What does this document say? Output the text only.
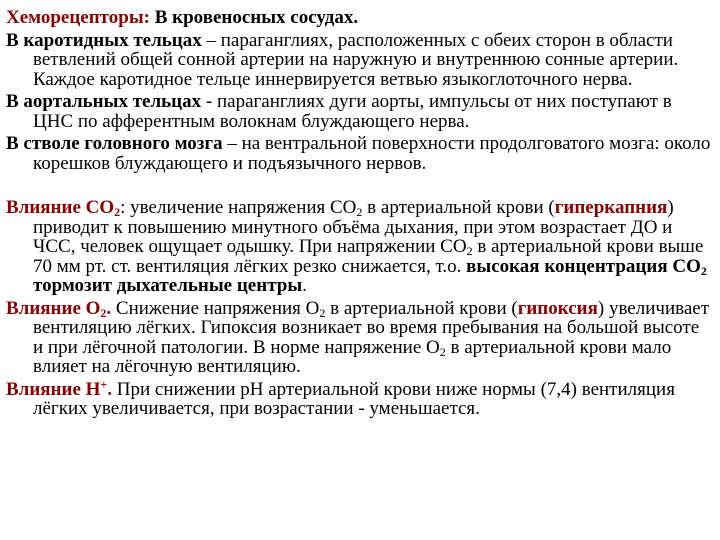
Хеморецепторы: В кровеносных сосудах.

В каротидных тельцах – параганглиях, расположенных с обеих сторон в области ветвлений общей сонной артерии на наружную и внутреннюю сонные артерии. Каждое каротидное тельце иннервируется ветвью языкоглоточного нерва.

В аортальных тельцах - параганглиях дуги аорты, импульсы от них поступают в ЦНС по афферентным волокнам блуждающего нерва.

В стволе головного мозга – на вентральной поверхности продолговатого мозга: около корешков блуждающего и подъязычного нервов.

Влияние $СО_2$: увеличение напряжения $СО_2$ в артериальной крови (гиперкапния) приводит к повышению минутного объёма дыхания, при этом возрастает ДО и ЧСС, человек ощущает одышку. При напряжении $СО_2$ в артериальной крови выше 70 мм рт. ст. вентиляция лёгких резко снижается, т.о. высокая концентрация $СО_2$ тормозит дыхательные центры.

Влияние $О_2$. Снижение напряжения $О_2$ в артериальной крови (гипоксия) увеличивает вентиляцию лёгких. Гипоксия возникает во время пребывания на большой высоте и при лёгочной патологии. В норме напряжение $О_2$ в артериальной крови мало влияет на лёгочную вентиляцию.

Влияние Н+. При снижении рН артериальной крови ниже нормы (7,4) вентиляция лёгких увеличивается, при возрастании - уменьшается.
